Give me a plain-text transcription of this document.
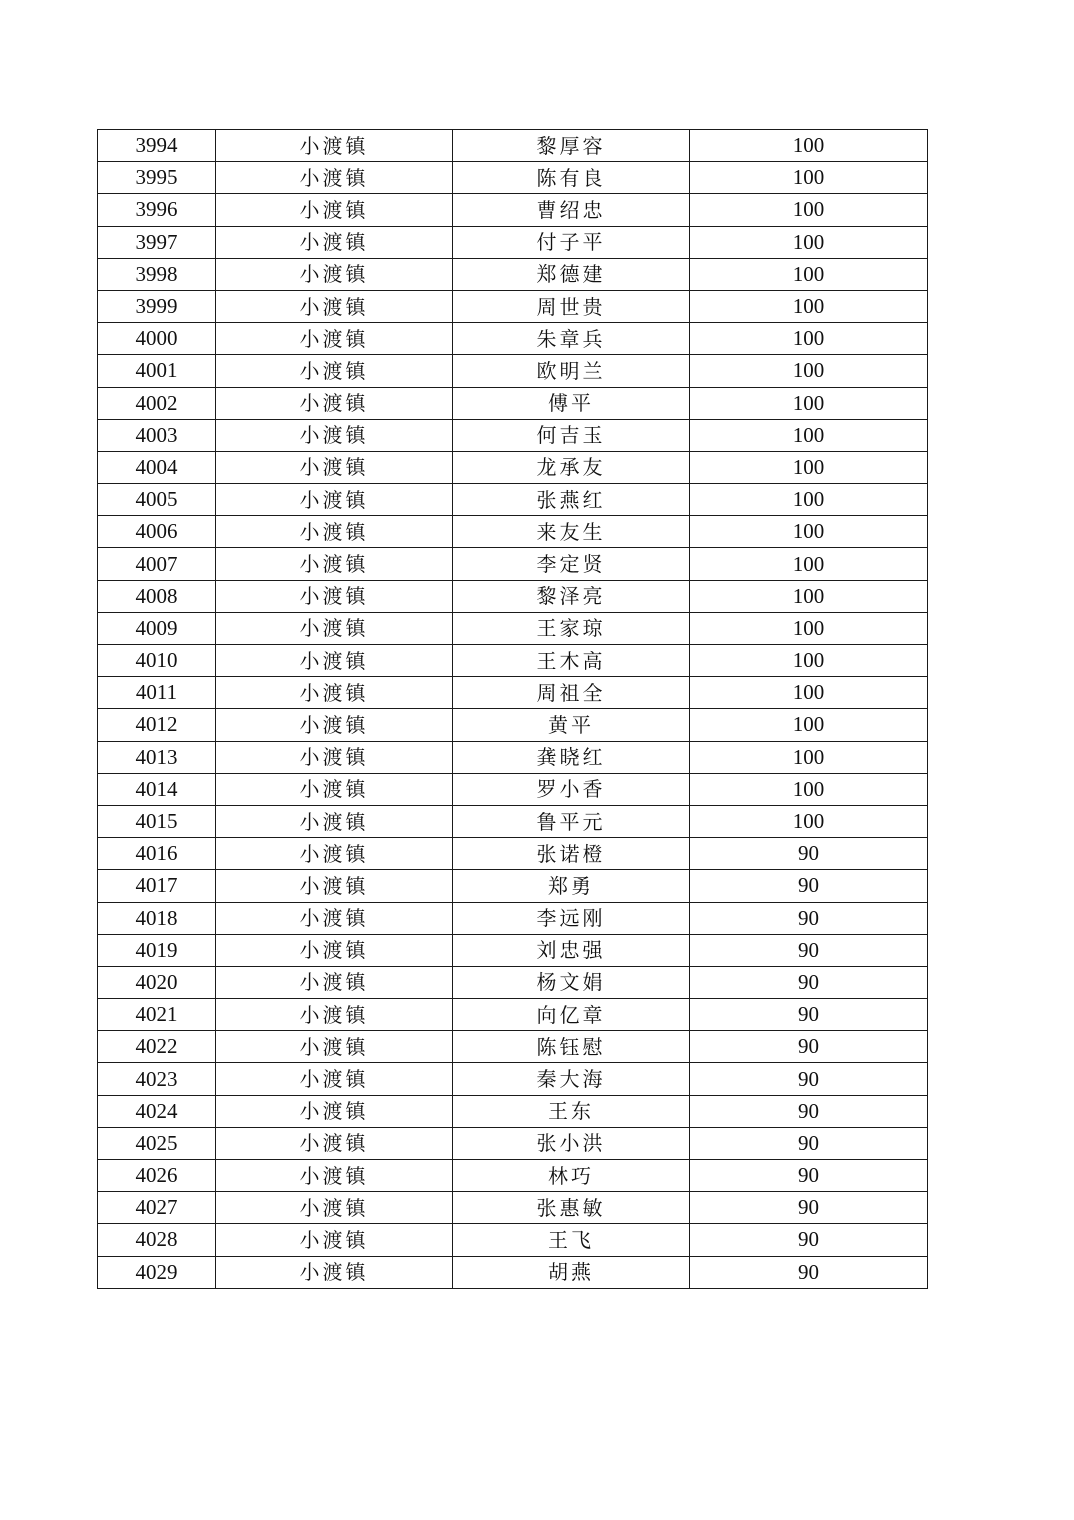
3994	小渡镇	黎厚容	100
3995	小渡镇	陈有良	100
3996	小渡镇	曹绍忠	100
3997	小渡镇	付子平	100
3998	小渡镇	郑德建	100
3999	小渡镇	周世贵	100
4000	小渡镇	朱章兵	100
4001	小渡镇	欧明兰	100
4002	小渡镇	傅平	100
4003	小渡镇	何吉玉	100
4004	小渡镇	龙承友	100
4005	小渡镇	张燕红	100
4006	小渡镇	来友生	100
4007	小渡镇	李定贤	100
4008	小渡镇	黎泽亮	100
4009	小渡镇	王家琼	100
4010	小渡镇	王木高	100
4011	小渡镇	周祖全	100
4012	小渡镇	黄平	100
4013	小渡镇	龚晓红	100
4014	小渡镇	罗小香	100
4015	小渡镇	鲁平元	100
4016	小渡镇	张诺橙	90
4017	小渡镇	郑勇	90
4018	小渡镇	李远刚	90
4019	小渡镇	刘忠强	90
4020	小渡镇	杨文娟	90
4021	小渡镇	向亿章	90
4022	小渡镇	陈钰慰	90
4023	小渡镇	秦大海	90
4024	小渡镇	王东	90
4025	小渡镇	张小洪	90
4026	小渡镇	林巧	90
4027	小渡镇	张惠敏	90
4028	小渡镇	王飞	90
4029	小渡镇	胡燕	90
